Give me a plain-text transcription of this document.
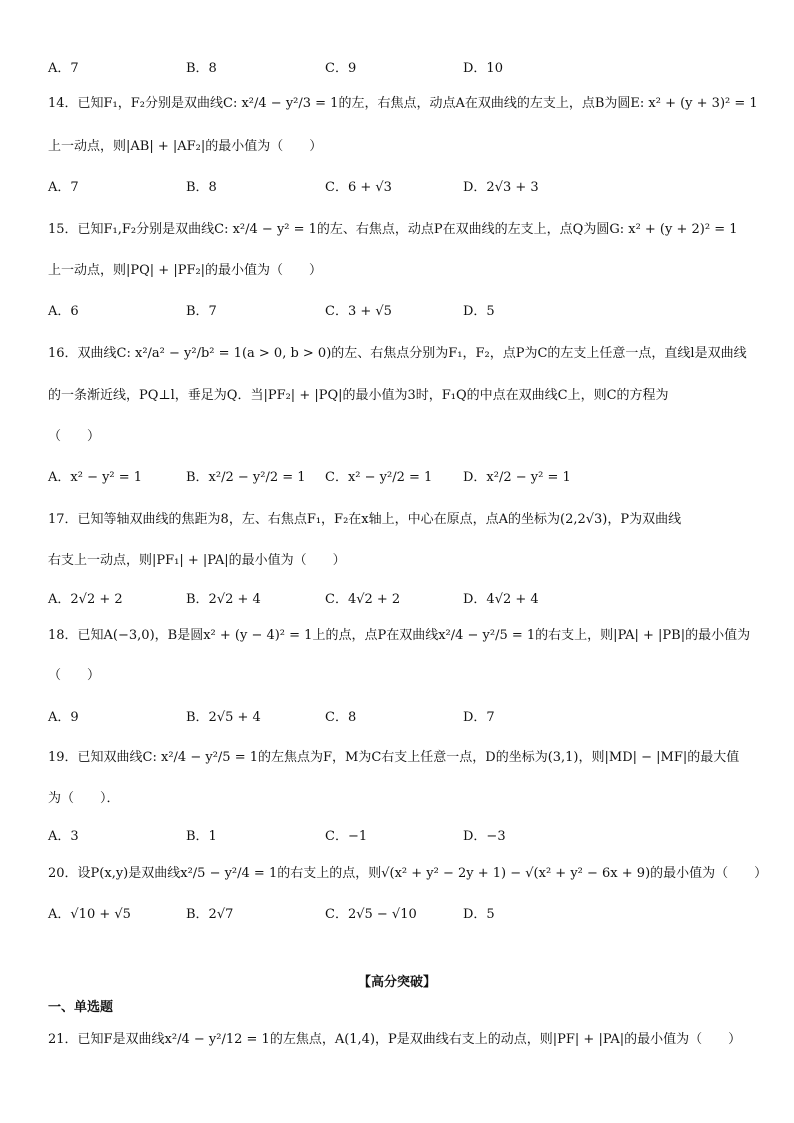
A．7	B．8	C．9	D．10
14．已知F₁，F₂分别是双曲线C: x²/4 − y²/3 = 1的左，右焦点，动点A在双曲线的左支上，点B为圆E: x² + (y + 3)² = 1
上一动点，则|AB| + |AF₂|的最小值为（　　）
A．7	B．8	C．6 + √3	D．2√3 + 3
15．已知F₁,F₂分别是双曲线C: x²/4 − y² = 1的左、右焦点，动点P在双曲线的左支上，点Q为圆G: x² + (y + 2)² = 1
上一动点，则|PQ| + |PF₂|的最小值为（　　）
A．6	B．7	C．3 + √5	D．5
16．双曲线C: x²/a² − y²/b² = 1(a > 0, b > 0)的左、右焦点分别为F₁，F₂，点P为C的左支上任意一点，直线l是双曲线
的一条渐近线，PQ⊥l，垂足为Q．当|PF₂| + |PQ|的最小值为3时，F₁Q的中点在双曲线C上，则C的方程为
（　　）
A．x² − y² = 1	B．x²/2 − y²/2 = 1 C．x² − y²/2 = 1 D．x²/2 − y² = 1
17．已知等轴双曲线的焦距为8，左、右焦点F₁，F₂在x轴上，中心在原点，点A的坐标为(2,2√3)，P为双曲线
右支上一动点，则|PF₁| + |PA|的最小值为（　　）
A．2√2 + 2	B．2√2 + 4	C．4√2 + 2	D．4√2 + 4
18．已知A(−3,0)，B是圆x² + (y − 4)² = 1上的点，点P在双曲线x²/4 − y²/5 = 1的右支上，则|PA| + |PB|的最小值为
（　　）
A．9	B．2√5 + 4	C．8	D．7
19．已知双曲线C: x²/4 − y²/5 = 1的左焦点为F，M为C右支上任意一点，D的坐标为(3,1)，则|MD| − |MF|的最大值
为（　　）．
A．3	B．1	C．−1	D．−3
20．设P(x,y)是双曲线x²/5 − y²/4 = 1的右支上的点，则√(x² + y² − 2y + 1) − √(x² + y² − 6x + 9)的最小值为（　　）
A．√10 + √5	B．2√7	C．2√5 − √10	D．5
【高分突破】
一、单选题
21．已知F是双曲线x²/4 − y²/12 = 1的左焦点，A(1,4)，P是双曲线右支上的动点，则|PF| + |PA|的最小值为（　　）
